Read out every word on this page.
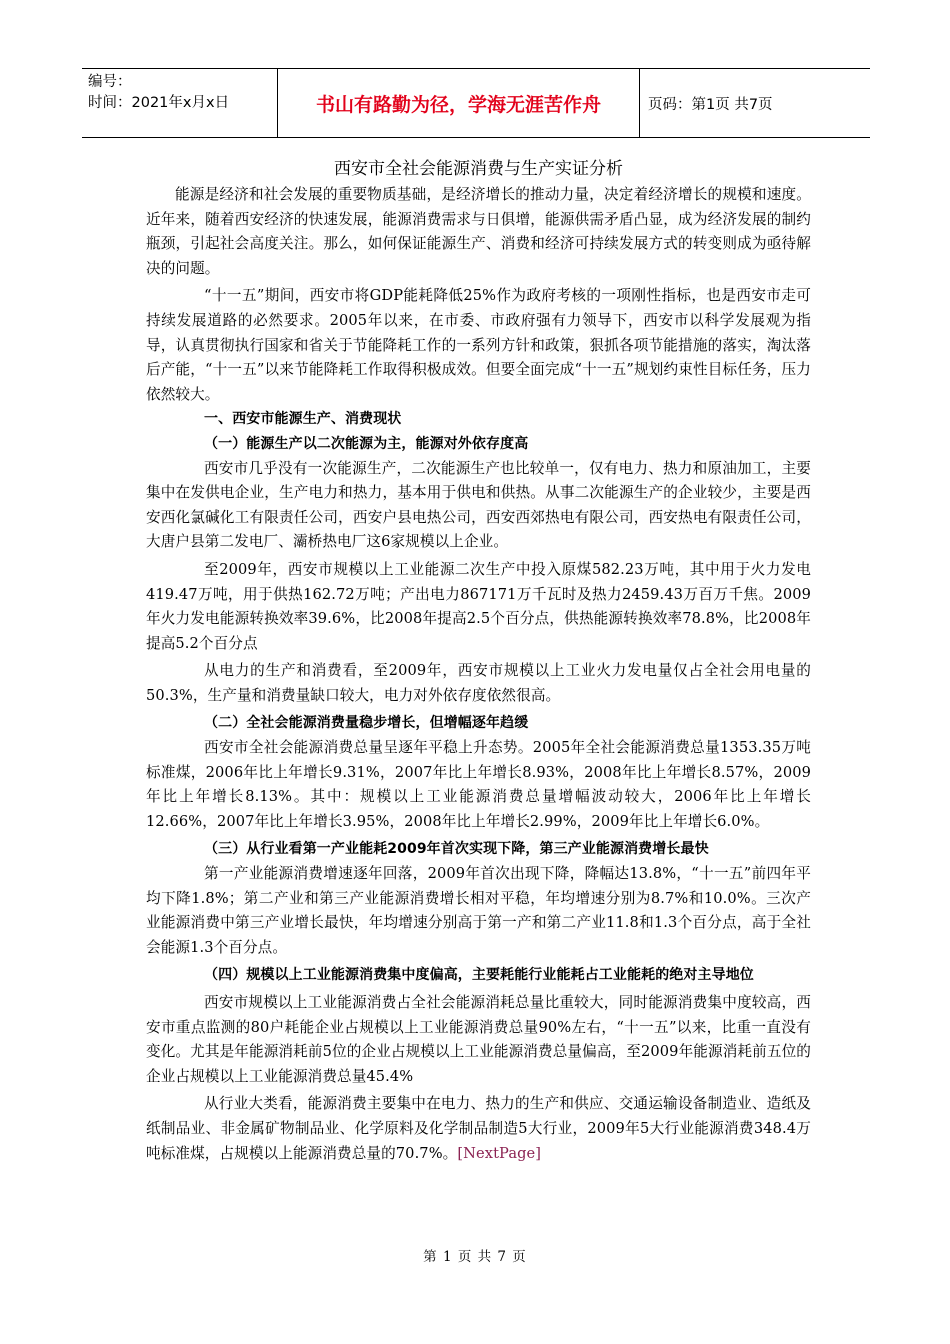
编号：
时间：2021年x月x日	书山有路勤为径，学海无涯苦作舟	页码：第1页 共7页
西安市全社会能源消费与生产实证分析

能源是经济和社会发展的重要物质基础，是经济增长的推动力量，决定着经济增长的规模和速度。近年来，随着西安经济的快速发展，能源消费需求与日俱增，能源供需矛盾凸显，成为经济发展的制约瓶颈，引起社会高度关注。那么，如何保证能源生产、消费和经济可持续发展方式的转变则成为亟待解决的问题。

“十一五”期间，西安市将GDP能耗降低25%作为政府考核的一项刚性指标，也是西安市走可持续发展道路的必然要求。2005年以来，在市委、市政府强有力领导下，西安市以科学发展观为指导，认真贯彻执行国家和省关于节能降耗工作的一系列方针和政策，狠抓各项节能措施的落实，淘汰落后产能，“十一五”以来节能降耗工作取得积极成效。但要全面完成“十一五”规划约束性目标任务，压力依然较大。

一、西安市能源生产、消费现状

（一）能源生产以二次能源为主，能源对外依存度高

西安市几乎没有一次能源生产，二次能源生产也比较单一，仅有电力、热力和原油加工，主要集中在发供电企业，生产电力和热力，基本用于供电和供热。从事二次能源生产的企业较少，主要是西安西化氯碱化工有限责任公司，西安户县电热公司，西安西郊热电有限公司，西安热电有限责任公司，大唐户县第二发电厂、灞桥热电厂这6家规模以上企业。

至2009年，西安市规模以上工业能源二次生产中投入原煤582.23万吨，其中用于火力发电419.47万吨，用于供热162.72万吨；产出电力867171万千瓦时及热力2459.43万百万千焦。2009年火力发电能源转换效率39.6%，比2008年提高2.5个百分点，供热能源转换效率78.8%，比2008年提高5.2个百分点

从电力的生产和消费看，至2009年，西安市规模以上工业火力发电量仅占全社会用电量的50.3%，生产量和消费量缺口较大，电力对外依存度依然很高。

（二）全社会能源消费量稳步增长，但增幅逐年趋缓

西安市全社会能源消费总量呈逐年平稳上升态势。2005年全社会能源消费总量1353.35万吨标准煤，2006年比上年增长9.31%，2007年比上年增长8.93%，2008年比上年增长8.57%，2009年比上年增长8.13%。其中：规模以上工业能源消费总量增幅波动较大，2006年比上年增长12.66%，2007年比上年增长3.95%，2008年比上年增长2.99%，2009年比上年增长6.0%。

（三）从行业看第一产业能耗2009年首次实现下降，第三产业能源消费增长最快

第一产业能源消费增速逐年回落，2009年首次出现下降，降幅达13.8%，“十一五”前四年平均下降1.8%；第二产业和第三产业能源消费增长相对平稳，年均增速分别为8.7%和10.0%。三次产业能源消费中第三产业增长最快，年均增速分别高于第一产和第二产业11.8和1.3个百分点，高于全社会能源1.3个百分点。

（四）规模以上工业能源消费集中度偏高，主要耗能行业能耗占工业能耗的绝对主导地位

西安市规模以上工业能源消费占全社会能源消耗总量比重较大，同时能源消费集中度较高，西安市重点监测的80户耗能企业占规模以上工业能源消费总量90%左右，“十一五”以来，比重一直没有变化。尤其是年能源消耗前5位的企业占规模以上工业能源消费总量偏高，至2009年能源消耗前五位的企业占规模以上工业能源消费总量45.4%

从行业大类看，能源消费主要集中在电力、热力的生产和供应、交通运输设备制造业、造纸及纸制品业、非金属矿物制品业、化学原料及化学制品制造5大行业，2009年5大行业能源消费348.4万吨标准煤，占规模以上能源消费总量的70.7%。[NextPage]

第 1 页 共 7 页
